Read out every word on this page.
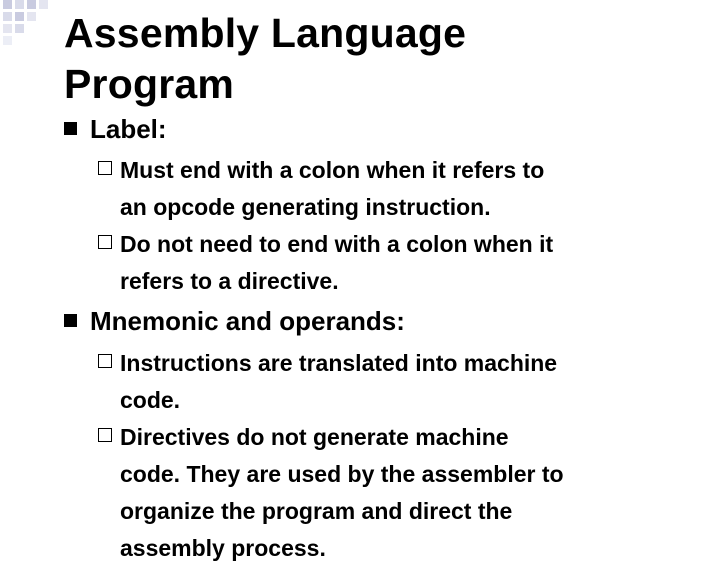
Assembly Language
Program
Label:
Must end with a colon when it refers to
an opcode generating instruction.
Do not need to end with a colon when it
refers to a directive.
Mnemonic and operands:
Instructions are translated into machine
code.
Directives do not generate machine
code. They are used by the assembler to
organize the program and direct the
assembly process.
